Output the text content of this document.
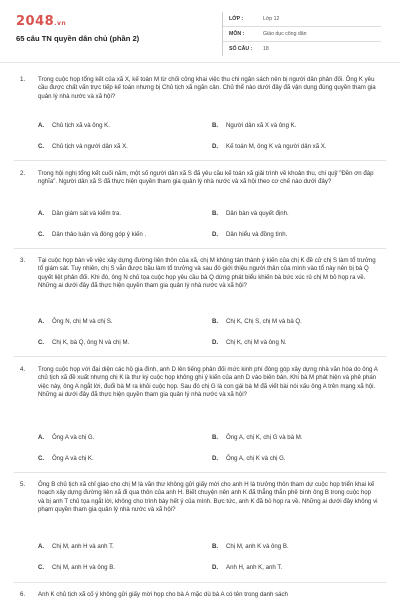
2048.vn
65 câu TN quyền dân chủ (phần 2)
LỚP :	Lớp 12
MÔN :	Giáo dục công dân
SỐ CÂU :	18
1. Trong cuộc họp tổng kết của xã X, kế toán M từ chối công khai việc thu chi ngân sách nên bị người dân phản đối. Ông K yêu cầu được chất vấn trực tiếp kế toán nhưng bị Chủ tịch xã ngăn cản. Chủ thể nào dưới đây đã vận dụng đúng quyền tham gia quản lý nhà nước và xã hội?

A. Chủ tịch xã và ông K.	B. Người dân xã X và ông K.
C. Chủ tịch và người dân xã X.	D. Kế toán M, ông K và người dân xã X.
2. Trong hội nghị tổng kết cuối năm, một số người dân xã S đã yêu cầu kế toán xã giải trình về khoản thu, chi quỹ "Đền ơn đáp nghĩa". Người dân xã S đã thực hiện quyền tham gia quản lý nhà nước và xã hội theo cơ chế nào dưới đây?

A. Dân giám sát và kiểm tra.	B. Dân bàn và quyết định.
C. Dân thảo luận và đóng góp ý kiến .	D. Dân hiểu và đồng tình.
3. Tại cuộc họp bàn về việc xây dựng đường liên thôn của xã, chị M không tán thành ý kiến của chị K đề cử chị S làm tổ trưởng tổ giám sát. Tuy nhiên, chị S vẫn được bầu làm tổ trưởng và sau đó giới thiệu người thân của mình vào tổ này nên bị bà Q quyết liệt phản đối. Khi đó, ông N chủ tọa cuộc họp yêu cầu bà Q dừng phát biểu khiến bà bức xúc rủ chị M bỏ họp ra về. Những ai dưới đây đã thực hiện quyền tham gia quản lý nhà nước và xã hội?

A. Ông N, chị M và chị S.	B. Chị K, Chị S, chị M và bà Q.
C. Chị K, bà Q, ông N và chị M.	D. Chị K, chị M và ông N.
4. Trong cuộc họp với đại diện các hộ gia đình, anh D lên tiếng phản đối mức kinh phí đóng góp xây dựng nhà văn hóa do ông A chủ tịch xã đề xuất nhưng chị K là thư ký cuộc họp không ghi ý kiến của anh D vào biên bản. Khi bà M phát hiện và phê phán việc này, ông A ngắt lời, đuổi bà M ra khỏi cuộc họp. Sau đó chị G là con gái bà M đã viết bài nói xấu ông A trên mạng xã hội. Những ai dưới đây đã thực hiện quyền tham gia quản lý nhà nước và xã hội?

A. Ông A và chị G.	B. Ông A, chị K, chị G và bà M.
C. Ông A và chị K.	D. Ông A, chị K và chị G.
5. Ông B chủ tịch xã chỉ giao cho chị M là văn thư không gửi giấy mời cho anh H là trưởng thôn tham dự cuộc họp triển khai kế hoạch xây dựng đường liên xã đi qua thôn của anh H. Biết chuyện nên anh K đã thẳng thắn phê bình ông B trong cuộc họp và bị anh T chủ tọa ngắt lời, không cho trình bày hết ý của mình. Bực tức, anh K đã bỏ họp ra về. Những ai dưới đây không vi phạm quyền tham gia quản lý nhà nước và xã hội?

A. Chị M, anh H và anh T.	B. Chị M, anh K và ông B.
C. Chị M, anh H và ông B.	D. Anh H, anh K, anh T.
6. Anh K chủ tịch xã cố ý không gửi giấy mời họp cho bà A mặc dù bà A có tên trong danh sách
